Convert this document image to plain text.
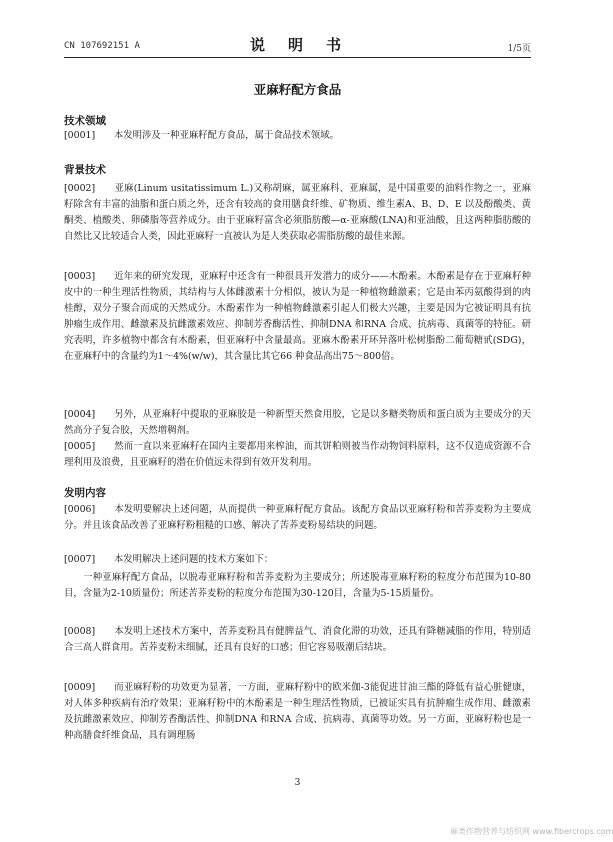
CN 107692151 A	说　明　书	1/5页
亚麻籽配方食品
技术领域
[0001]　　本发明涉及一种亚麻籽配方食品，属于食品技术领域。
背景技术
[0002]　　亚麻(Linum usitatissimum L.)又称胡麻，属亚麻科、亚麻属，是中国重要的油料作物之一，亚麻籽除含有丰富的油脂和蛋白质之外，还含有较高的食用膳食纤维、矿物质、维生素A、B、D、E 以及酚酸类、黄酮类、植酸类、卵磷脂等营养成分。由于亚麻籽富含必须脂肪酸—α-亚麻酸(LNA)和亚油酸，且这两种脂肪酸的自然比又比较适合人类，因此亚麻籽一直被认为是人类获取必需脂肪酸的最佳来源。
[0003]　　近年来的研究发现，亚麻籽中还含有一种很具开发潜力的成分——木酚素。木酚素是存在于亚麻籽种皮中的一种生理活性物质，其结构与人体雌激素十分相似，被认为是一种植物雌激素；它是由苯丙氨酸得到的肉桂醇，双分子聚合而成的天然成分。木酚素作为一种植物雌激素引起人们极大兴趣，主要是因为它被证明具有抗肿瘤生成作用、雌激素及抗雌激素效应、抑制芳香酶活性、抑制DNA 和RNA 合成、抗病毒、真菌等的特征。研究表明，许多植物中都含有木酚素，但亚麻籽中含量最高。亚麻木酚素开环异落叶松树脂酚二葡萄糖甙(SDG)，在亚麻籽中的含量约为1～4%(w/w)，其含量比其它66 种食品高出75～800倍。
[0004]　　另外，从亚麻籽中提取的亚麻胶是一种新型天然食用胶，它是以多糖类物质和蛋白质为主要成分的天然高分子复合胶，天然增稠剂。
[0005]　　然而一直以来亚麻籽在国内主要都用来榨油，而其饼粕则被当作动物饲料原料，这不仅造成资源不合理利用及浪费，且亚麻籽的潜在价值远未得到有效开发利用。
发明内容
[0006]　　本发明要解决上述问题，从而提供一种亚麻籽配方食品。该配方食品以亚麻籽粉和苦荞麦粉为主要成分。并且该食品改善了亚麻籽粉粗糙的口感、解决了苦荞麦粉易结块的问题。
[0007]　　本发明解决上述问题的技术方案如下：
　　一种亚麻籽配方食品，以脱毒亚麻籽粉和苦荞麦粉为主要成分；所述脱毒亚麻籽粉的粒度分布范围为10-80目，含量为2-10质量份；所述苦荞麦粉的粒度分布范围为30-120目，含量为5-15质量份。
[0008]　　本发明上述技术方案中，苦荞麦粉具有健脾益气、消食化滞的功效，还具有降糖减脂的作用，特别适合三高人群食用。苦荞麦粉末细腻，还具有良好的口感；但它容易吸潮后结块。
[0009]　　而亚麻籽粉的功效更为显著，一方面，亚麻籽粉中的欧米伽-3能促进甘油三酯的降低有益心脏健康，对人体多种疾病有治疗效果；亚麻籽粉中的木酚素是一种生理活性物质，已被证实具有抗肿瘤生成作用、雌激素及抗雌激素效应、抑制芳香酶活性、抑制DNA 和RNA 合成、抗病毒、真菌等功效。另一方面，亚麻籽粉也是一种高膳食纤维食品，具有调理肠
3
麻类作物营养与纺织网 www.fibercrops.com
